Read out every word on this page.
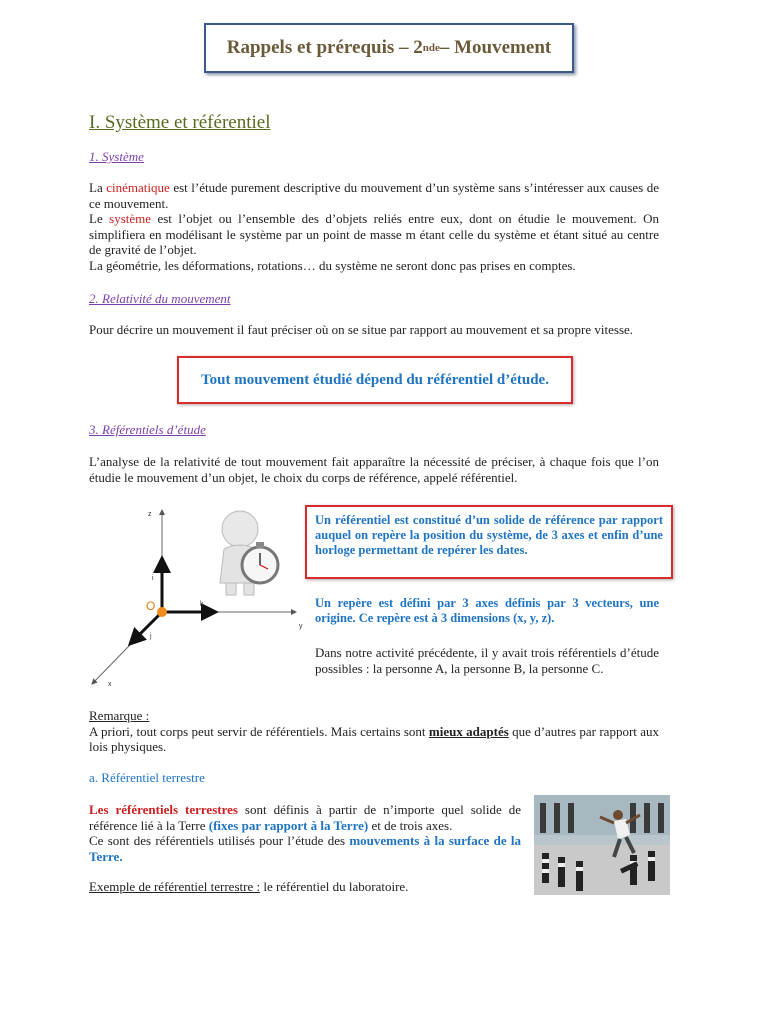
Rappels et prérequis – 2 nde – Mouvement
I. Système et référentiel
1. Système
La cinématique est l’étude purement descriptive du mouvement d’un système sans s’intéresser aux causes de ce mouvement.
Le système est l’objet ou l’ensemble des d’objets reliés entre eux, dont on étudie le mouvement. On simplifiera en modélisant le système par un point de masse m étant celle du système et étant situé au centre de gravité de l’objet.
La géométrie, les déformations, rotations… du système ne seront donc pas prises en comptes.
2. Relativité du mouvement
Pour décrire un mouvement il faut préciser où on se situe par rapport au mouvement et sa propre vitesse.
Tout mouvement étudié dépend du référentiel d’étude.
3. Référentiels d’étude
L’analyse de la relativité de tout mouvement fait apparaître la nécessité de préciser, à chaque fois que l’on étudie le mouvement d’un objet, le choix du corps de référence, appelé référentiel.
O
z
y
x
i
k
j
Un référentiel est constitué d’un solide de référence par rapport auquel on repère la position du système, de 3 axes et enfin d’une horloge permettant de repérer les dates.
Un repère est défini par 3 axes définis par 3 vecteurs, une origine. Ce repère est à 3 dimensions (x, y, z).
Dans notre activité précédente, il y avait trois référentiels d’étude possibles : la personne A, la personne B, la personne C.
Remarque :
A priori, tout corps peut servir de référentiels. Mais certains sont mieux adaptés que d’autres par rapport aux lois physiques.
a. Référentiel terrestre
Les référentiels terrestres sont définis à partir de n’importe quel solide de référence lié à la Terre (fixes par rapport à la Terre) et de trois axes.
Ce sont des référentiels utilisés pour l’étude des mouvements à la surface de la Terre.
Exemple de référentiel terrestre : le référentiel du laboratoire.
